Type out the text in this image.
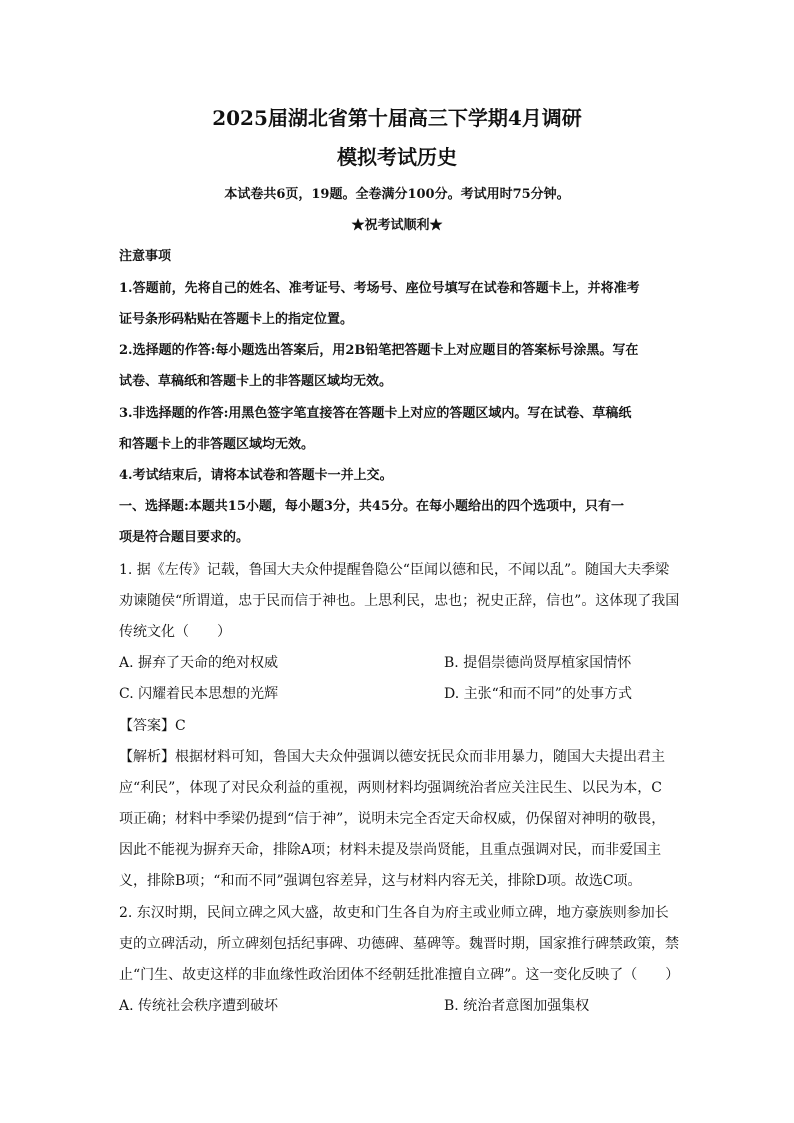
2025届湖北省第十届高三下学期4月调研
模拟考试历史
本试卷共6页，19题。全卷满分100分。考试用时75分钟。
★祝考试顺利★
注意事项
1.答题前，先将自己的姓名、准考证号、考场号、座位号填写在试卷和答题卡上，并将准考
证号条形码粘贴在答题卡上的指定位置。
2.选择题的作答:每小题选出答案后，用2B铅笔把答题卡上对应题目的答案标号涂黑。写在
试卷、草稿纸和答题卡上的非答题区域均无效。
3.非选择题的作答:用黑色签字笔直接答在答题卡上对应的答题区域内。写在试卷、草稿纸
和答题卡上的非答题区域均无效。
4.考试结束后，请将本试卷和答题卡一并上交。
一、选择题:本题共15小题，每小题3分，共45分。在每小题给出的四个选项中，只有一
项是符合题目要求的。
1. 据《左传》记载，鲁国大夫众仲提醒鲁隐公“臣闻以德和民，不闻以乱”。随国大夫季梁
劝谏随侯“所谓道，忠于民而信于神也。上思利民，忠也；祝史正辞，信也”。这体现了我国
传统文化（　　）
A. 摒弃了天命的绝对权威	B. 提倡崇德尚贤厚植家国情怀
C. 闪耀着民本思想的光辉	D. 主张“和而不同”的处事方式
【答案】C
【解析】根据材料可知，鲁国大夫众仲强调以德安抚民众而非用暴力，随国大夫提出君主
应“利民”，体现了对民众利益的重视，两则材料均强调统治者应关注民生、以民为本，C
项正确；材料中季梁仍提到“信于神”，说明未完全否定天命权威，仍保留对神明的敬畏，
因此不能视为摒弃天命，排除A项；材料未提及崇尚贤能，且重点强调对民，而非爱国主
义，排除B项；“和而不同”强调包容差异，这与材料内容无关，排除D项。故选C项。
2. 东汉时期，民间立碑之风大盛，故吏和门生各自为府主或业师立碑，地方豪族则参加长
吏的立碑活动，所立碑刻包括纪事碑、功德碑、墓碑等。魏晋时期，国家推行碑禁政策，禁
止“门生、故吏这样的非血缘性政治团体不经朝廷批准擅自立碑”。这一变化反映了（　　）
A. 传统社会秩序遭到破坏	B. 统治者意图加强集权
